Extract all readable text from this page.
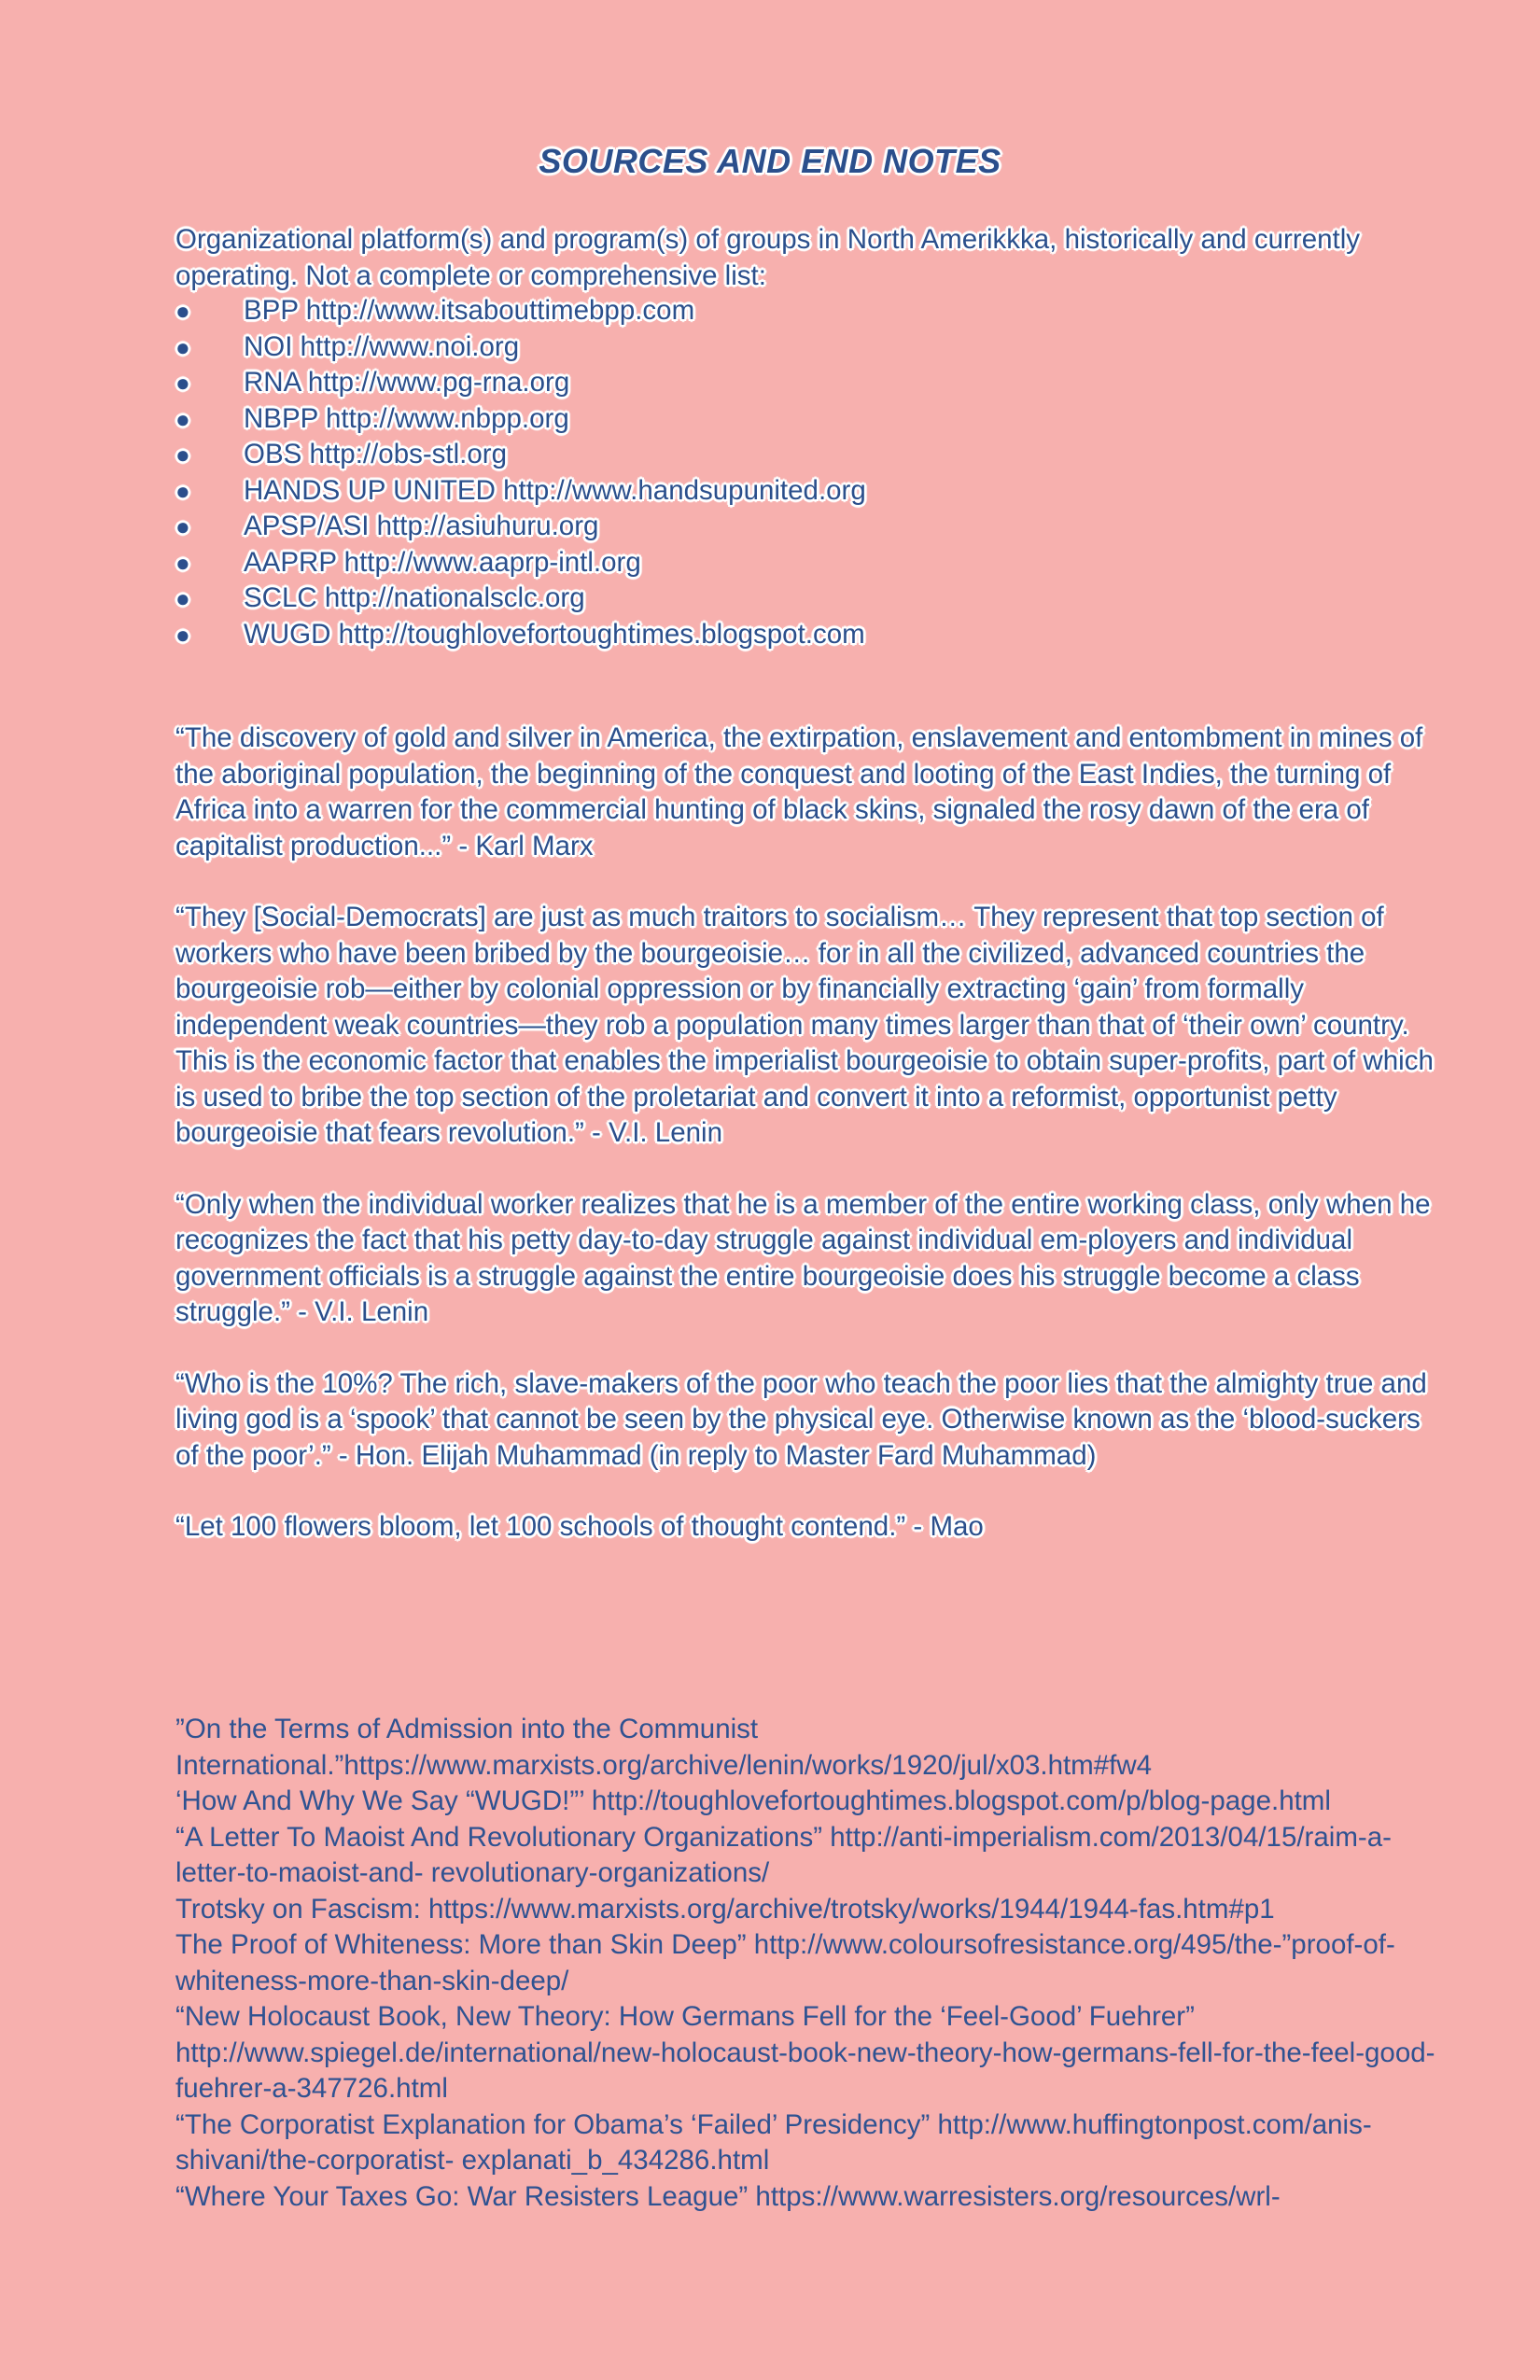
SOURCES AND END NOTES
Organizational platform(s) and program(s) of groups in North Amerikkka, historically and currently operating. Not a complete or comprehensive list:
● BPP http://www.itsabouttimebpp.com
● NOI http://www.noi.org
● RNA http://www.pg-rna.org
● NBPP http://www.nbpp.org
● OBS http://obs-stl.org
● HANDS UP UNITED http://www.handsupunited.org
● APSP/ASI http://asiuhuru.org
● AAPRP http://www.aaprp-intl.org
● SCLC http://nationalsclc.org
● WUGD http://toughlovefortoughtimes.blogspot.com

“The discovery of gold and silver in America, the extirpation, enslavement and entombment in mines of the aboriginal population, the beginning of the conquest and looting of the East Indies, the turning of Africa into a warren for the commercial hunting of black skins, signaled the rosy dawn of the era of capitalist production...” - Karl Marx

“They [Social-Democrats] are just as much traitors to socialism… They represent that top section of workers who have been bribed by the bourgeoisie… for in all the civilized, advanced countries the bourgeoisie rob—either by colonial oppression or by financially extracting ‘gain’ from formally independent weak countries—they rob a population many times larger than that of ‘their own’ country. This is the economic factor that enables the imperialist bourgeoisie to obtain super-profits, part of which is used to bribe the top section of the proletariat and convert it into a reformist, opportunist petty bourgeoisie that fears revolution.” - V.I. Lenin

“Only when the individual worker realizes that he is a member of the entire working class, only when he recognizes the fact that his petty day-to-day struggle against individual em-ployers and individual government officials is a struggle against the entire bourgeoisie does his struggle become a class struggle.” - V.I. Lenin

“Who is the 10%? The rich, slave-makers of the poor who teach the poor lies that the almighty true and living god is a ‘spook’ that cannot be seen by the physical eye. Otherwise known as the ‘blood-suckers of the poor’.” - Hon. Elijah Muhammad (in reply to Master Fard Muhammad)

“Let 100 flowers bloom, let 100 schools of thought contend.” - Mao

”On the Terms of Admission into the Communist International.”https://www.marxists.org/archive/lenin/works/1920/jul/x03.htm#fw4

‘How And Why We Say “WUGD!”’ http://toughlovefortoughtimes.blogspot.com/p/blog-page.html

“A Letter To Maoist And Revolutionary Organizations” http://anti-imperialism.com/2013/04/15/raim-a-letter-to-maoist-and- revolutionary-organizations/

Trotsky on Fascism: https://www.marxists.org/archive/trotsky/works/1944/1944-fas.htm#p1

The Proof of Whiteness: More than Skin Deep” http://www.coloursofresistance.org/495/the-”proof-of-whiteness-more-than-skin-deep/

“New Holocaust Book, New Theory: How Germans Fell for the ‘Feel-Good’ Fuehrer” http://www.spiegel.de/international/new-holocaust-book-new-theory-how-germans-fell-for-the-feel-good-fuehrer-a-347726.html

“The Corporatist Explanation for Obama’s ‘Failed’ Presidency” http://www.huffingtonpost.com/anis-shivani/the-corporatist- explanati_b_434286.html

“Where Your Taxes Go: War Resisters League” https://www.warresisters.org/resources/wrl-
